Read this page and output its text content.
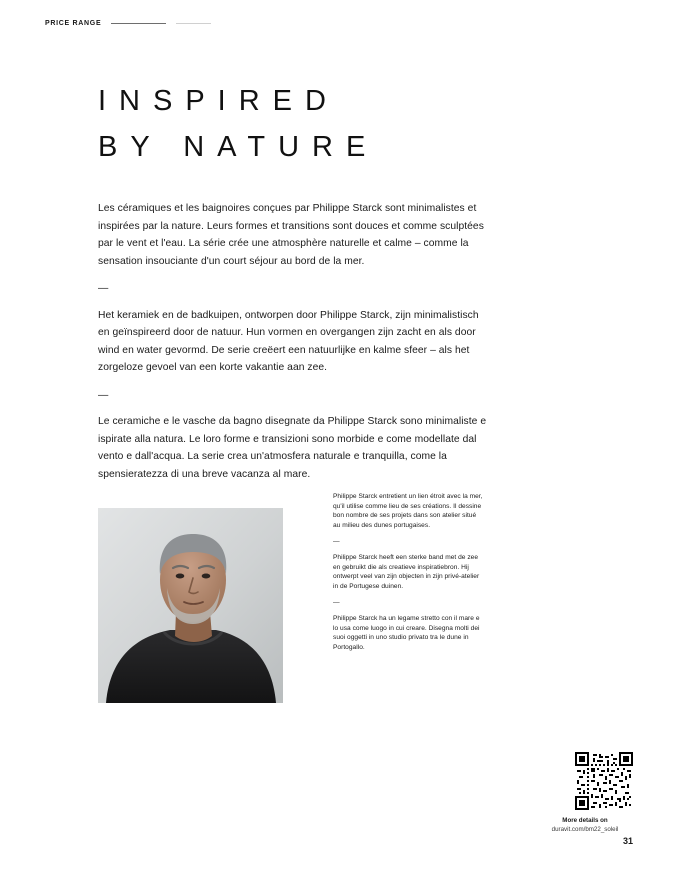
PRICE RANGE
INSPIRED
BY NATURE

Les céramiques et les baignoires conçues par Philippe Starck sont minimalistes et inspirées par la nature. Leurs formes et transitions sont douces et comme sculptées par le vent et l'eau. La série crée une atmosphère naturelle et calme – comme la sensation insouciante d'un court séjour au bord de la mer.

—

Het keramiek en de badkuipen, ontworpen door Philippe Starck, zijn minimalistisch en geïnspireerd door de natuur. Hun vormen en overgangen zijn zacht en als door wind en water gevormd. De serie creëert een natuurlijke en kalme sfeer – als het zorgeloze gevoel van een korte vakantie aan zee.

—

Le ceramiche e le vasche da bagno disegnate da Philippe Starck sono minimaliste e ispirate alla natura. Le loro forme e transizioni sono morbide e come modellate dal vento e dall'acqua. La serie crea un'atmosfera naturale e tranquilla, come la spensieratezza di una breve vacanza al mare.

Philippe Starck entretient un lien étroit avec la mer, qu'il utilise comme lieu de ses créations. Il dessine bon nombre de ses projets dans son atelier situé au milieu des dunes portugaises.

—

Philippe Starck heeft een sterke band met de zee en gebruikt die als creatieve inspiratiebron. Hij ontwerpt veel van zijn objecten in zijn privé-atelier in de Portugese duinen.

—

Philippe Starck ha un legame stretto con il mare e lo usa come luogo in cui creare. Disegna molti dei suoi oggetti in uno studio privato tra le dune in Portogallo.

More details on
duravit.com/bm22_soleil
31
